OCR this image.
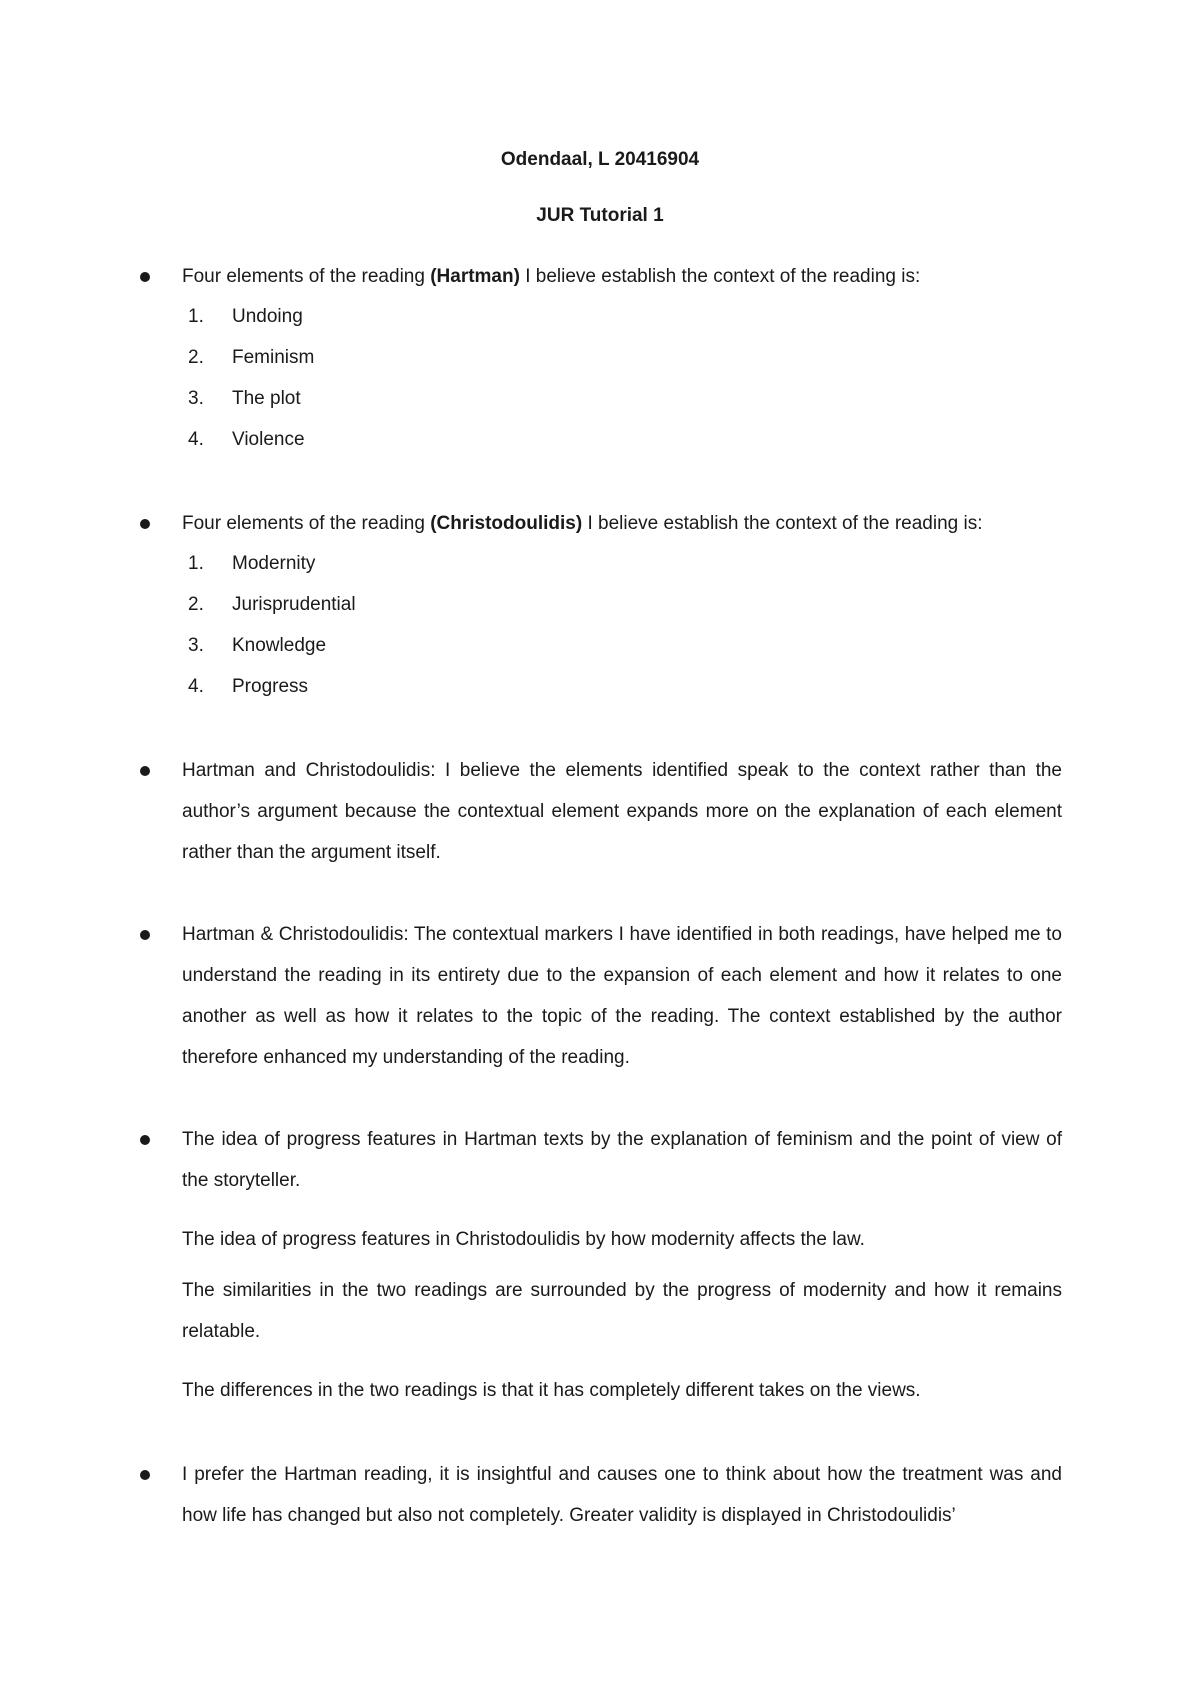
Odendaal, L 20416904
JUR Tutorial 1
Four elements of the reading (Hartman) I believe establish the context of the reading is:
1. Undoing
2. Feminism
3. The plot
4. Violence
Four elements of the reading (Christodoulidis) I believe establish the context of the reading is:
1. Modernity
2. Jurisprudential
3. Knowledge
4. Progress
Hartman and Christodoulidis: I believe the elements identified speak to the context rather than the author’s argument because the contextual element expands more on the explanation of each element rather than the argument itself.
Hartman & Christodoulidis: The contextual markers I have identified in both readings, have helped me to understand the reading in its entirety due to the expansion of each element and how it relates to one another as well as how it relates to the topic of the reading. The context established by the author therefore enhanced my understanding of the reading.
The idea of progress features in Hartman texts by the explanation of feminism and the point of view of the storyteller.
The idea of progress features in Christodoulidis by how modernity affects the law.
The similarities in the two readings are surrounded by the progress of modernity and how it remains relatable.
The differences in the two readings is that it has completely different takes on the views.
I prefer the Hartman reading, it is insightful and causes one to think about how the treatment was and how life has changed but also not completely. Greater validity is displayed in Christodoulidis’
